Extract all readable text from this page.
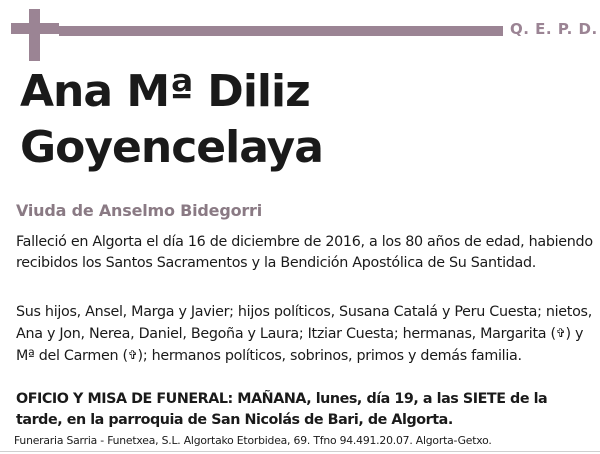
Q. E. P. D.
Ana Mª Diliz
Goyencelaya
Viuda de Anselmo Bidegorri
Falleció en Algorta el día 16 de diciembre de 2016, a los 80 años de edad, habiendo recibidos los Santos Sacramentos y la Bendición Apostólica de Su Santidad.
Sus hijos, Ansel, Marga y Javier; hijos políticos, Susana Catalá y Peru Cuesta; nietos, Ana y Jon, Nerea, Daniel, Begoña y Laura; Itziar Cuesta; hermanas, Margarita (✞) y Mª del Carmen (✞); hermanos políticos, sobrinos, primos y demás familia.
OFICIO Y MISA DE FUNERAL: MAÑANA, lunes, día 19, a las SIETE de la tarde, en la parroquia de San Nicolás de Bari, de Algorta.
Funeraria Sarria - Funetxea, S.L. Algortako Etorbidea, 69. Tfno 94.491.20.07. Algorta-Getxo.
